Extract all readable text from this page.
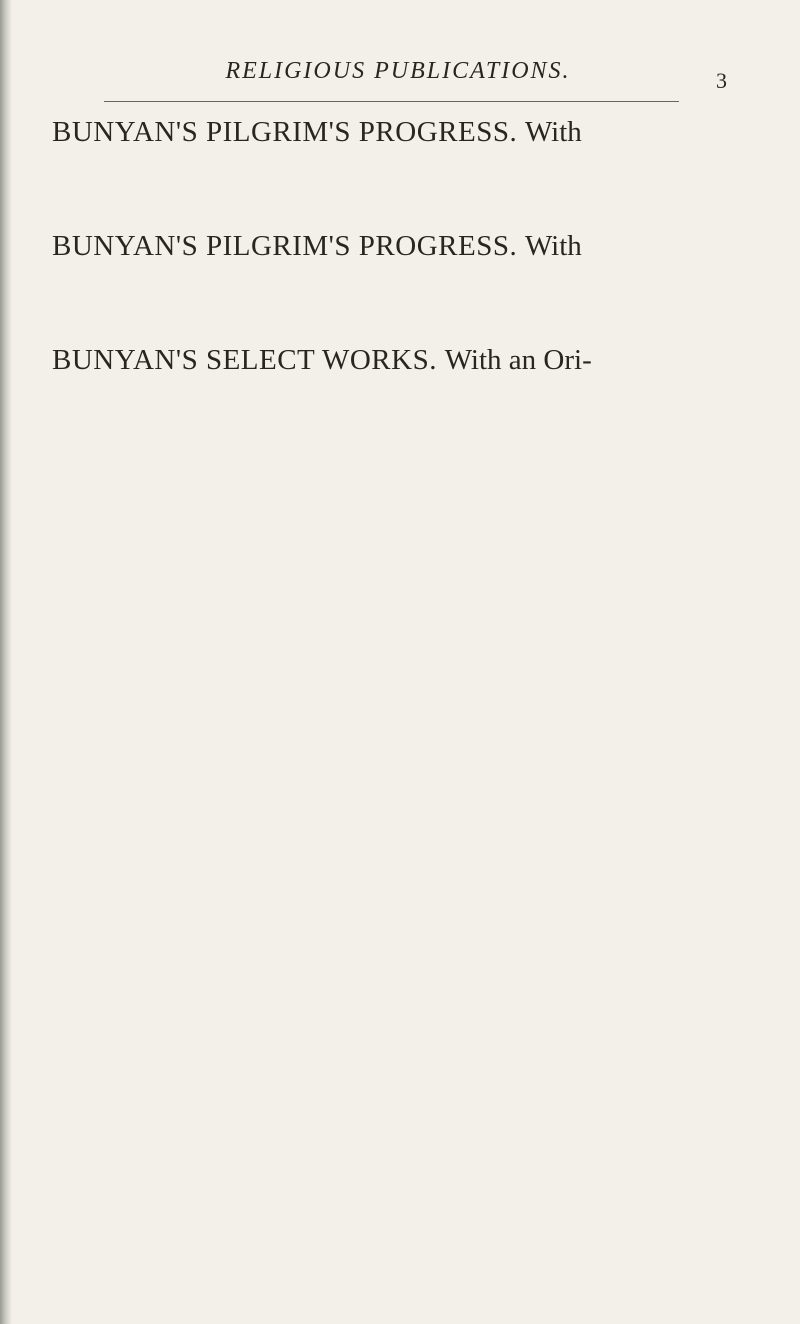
RELIGIOUS PUBLICATIONS.	3
BUNYAN'S PILGRIM'S PROGRESS. With
BUNYAN'S PILGRIM'S PROGRESS. With
BUNYAN'S SELECT WORKS. With an Ori-
